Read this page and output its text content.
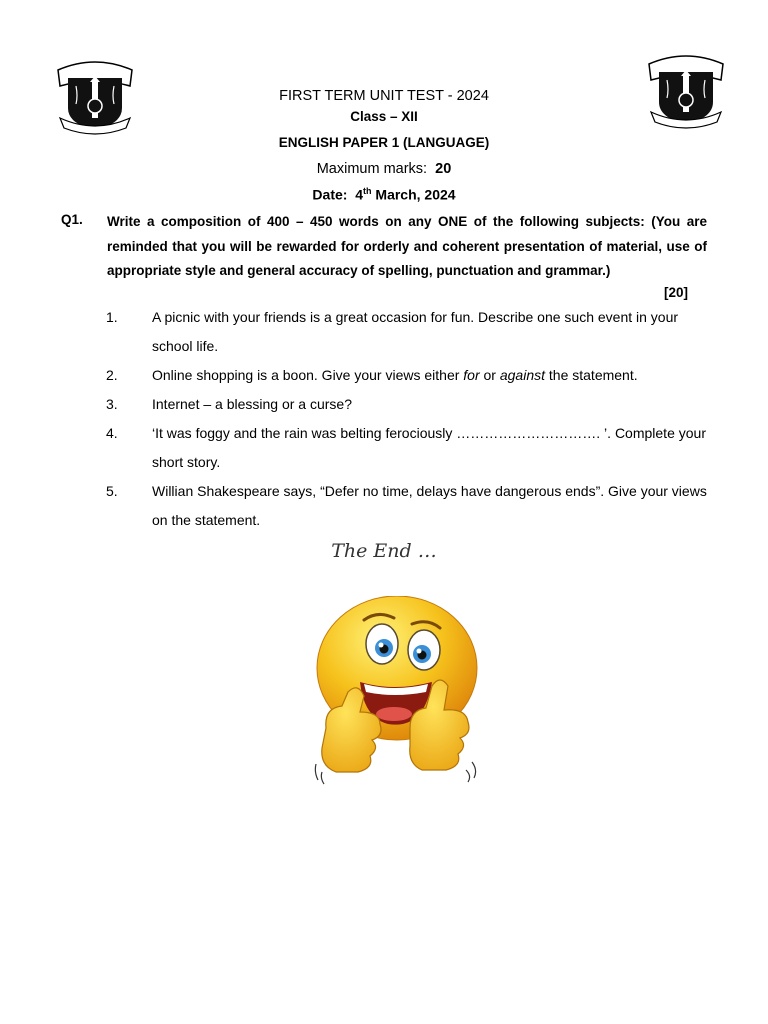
FIRST TERM UNIT TEST - 2024
Class – XII
ENGLISH PAPER 1 (LANGUAGE)
Maximum marks: 20
Date: 4th March, 2024
Q1. Write a composition of 400 – 450 words on any ONE of the following subjects: (You are reminded that you will be rewarded for orderly and coherent presentation of material, use of appropriate style and general accuracy of spelling, punctuation and grammar.)
[20]
1. A picnic with your friends is a great occasion for fun. Describe one such event in your school life.
2. Online shopping is a boon. Give your views either for or against the statement.
3. Internet – a blessing or a curse?
4. ‘It was foggy and the rain was belting ferociously …………………………. ’. Complete your short story.
5. Willian Shakespeare says, “Defer no time, delays have dangerous ends”. Give your views on the statement.
The End …
